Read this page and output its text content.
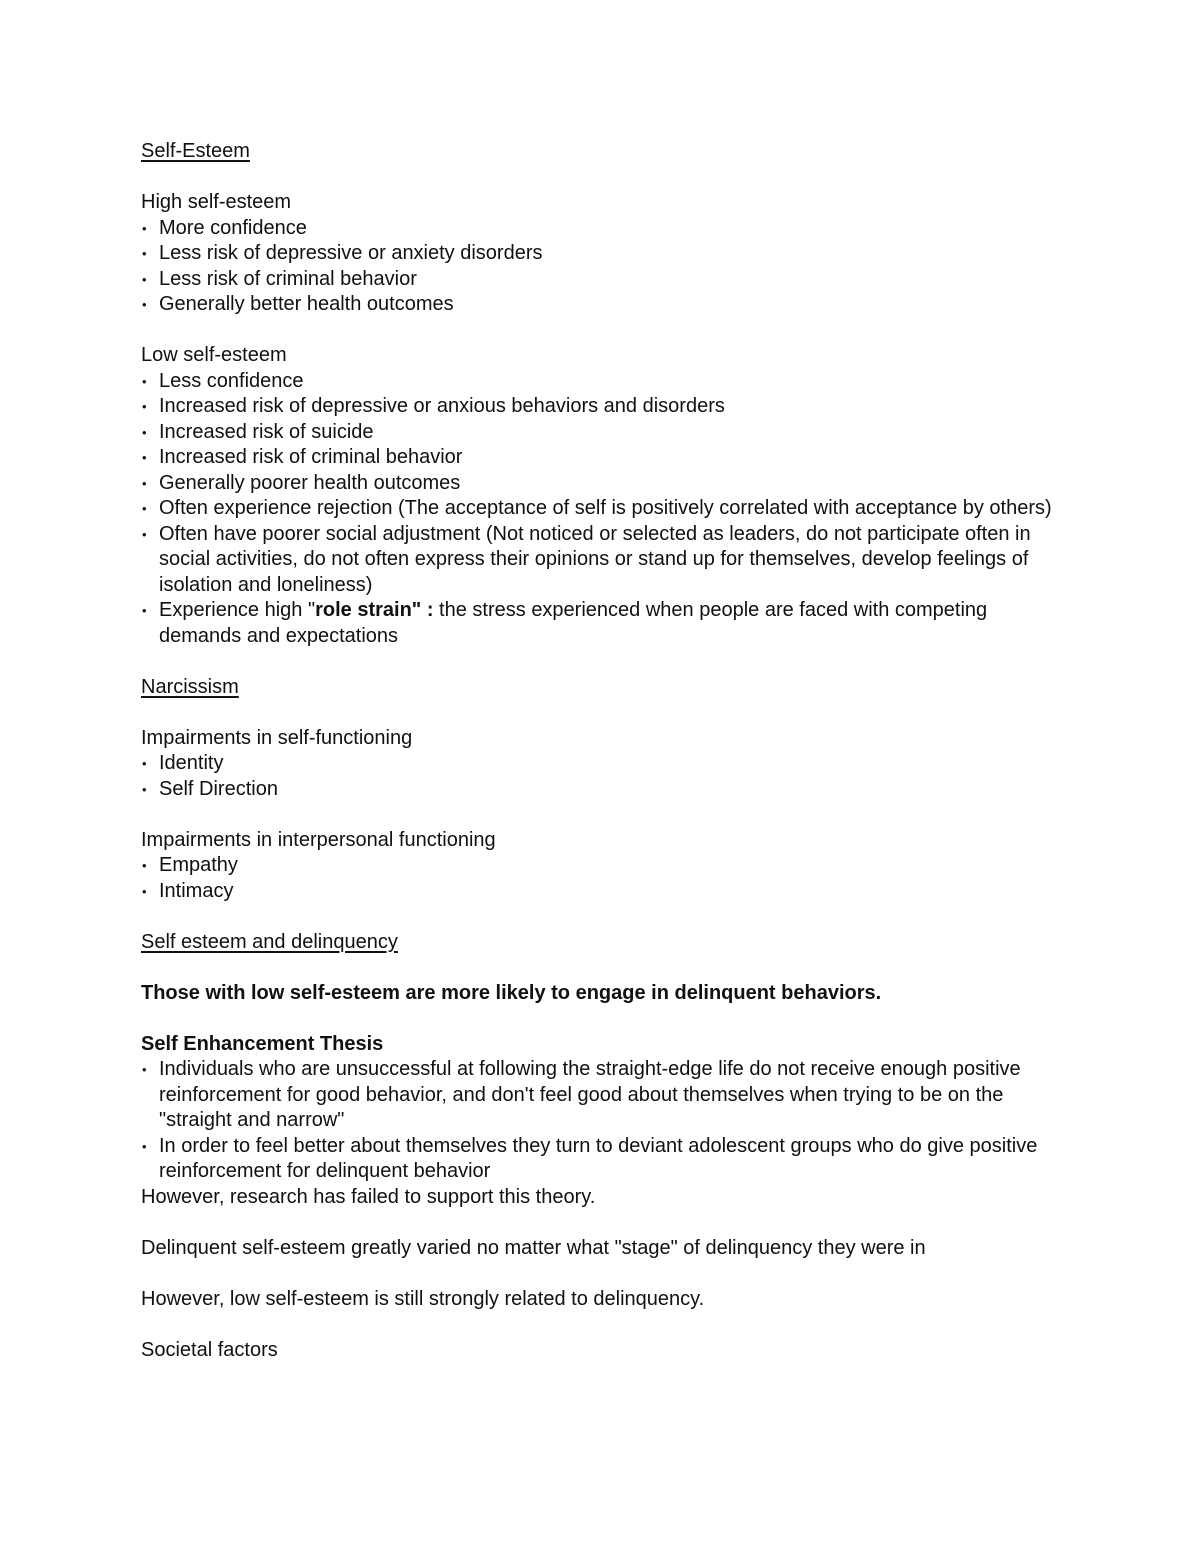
Self-Esteem

High self-esteem

• More confidence
• Less risk of depressive or anxiety disorders
• Less risk of criminal behavior
• Generally better health outcomes

Low self-esteem

• Less confidence
• Increased risk of depressive or anxious behaviors and disorders
• Increased risk of suicide
• Increased risk of criminal behavior
• Generally poorer health outcomes
• Often experience rejection (The acceptance of self is positively correlated with acceptance by others)
• Often have poorer social adjustment (Not noticed or selected as leaders, do not participate often in social activities, do not often express their opinions or stand up for themselves, develop feelings of isolation and loneliness)
• Experience high "role strain" : the stress experienced when people are faced with competing demands and expectations

Narcissism

Impairments in self-functioning

• Identity
• Self Direction

Impairments in interpersonal functioning

• Empathy
• Intimacy

Self esteem and delinquency

Those with low self-esteem are more likely to engage in delinquent behaviors.

Self Enhancement Thesis

• Individuals who are unsuccessful at following the straight-edge life do not receive enough positive reinforcement for good behavior, and don't feel good about themselves when trying to be on the "straight and narrow"
• In order to feel better about themselves they turn to deviant adolescent groups who do give positive reinforcement for delinquent behavior

However, research has failed to support this theory.

Delinquent self-esteem greatly varied no matter what "stage" of delinquency they were in

However, low self-esteem is still strongly related to delinquency.

Societal factors
